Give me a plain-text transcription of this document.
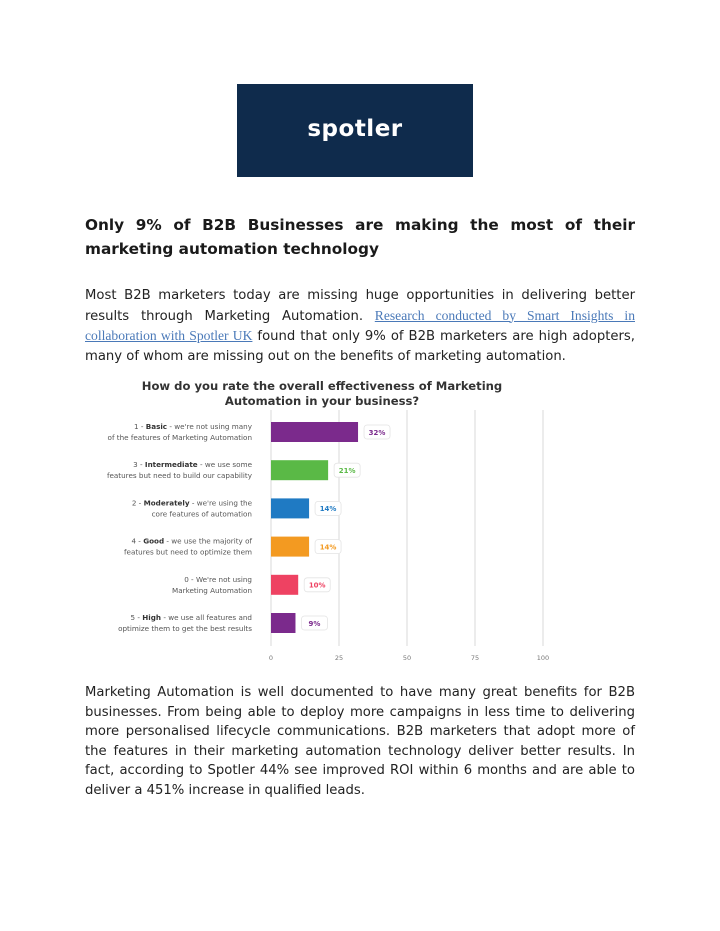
spotler
Only 9% of B2B Businesses are making the most of their marketing automation technology

Most B2B marketers today are missing huge opportunities in delivering better results through Marketing Automation. Research conducted by Smart Insights in collaboration with Spotler UK found that only 9% of B2B marketers are high adopters, many of whom are missing out on the benefits of marketing automation.

How do you rate the overall effectiveness of Marketing Automation in your business?
0	25	50	75	100
1 - Basic - we're not using many
of the features of Marketing Automation
32%
3 - Intermediate - we use some
features but need to build our capability
21%
2 - Moderately - we're using the
core features of automation
14%
4 - Good - we use the majority of
features but need to optimize them
14%
0 - We're not using
Marketing Automation
10%
5 - High - we use all features and
optimize them to get the best results
9%

Marketing Automation is well documented to have many great benefits for B2B businesses. From being able to deploy more campaigns in less time to delivering more personalised lifecycle communications. B2B marketers that adopt more of the features in their marketing automation technology deliver better results. In fact, according to Spotler 44% see improved ROI within 6 months and are able to deliver a 451% increase in qualified leads.
